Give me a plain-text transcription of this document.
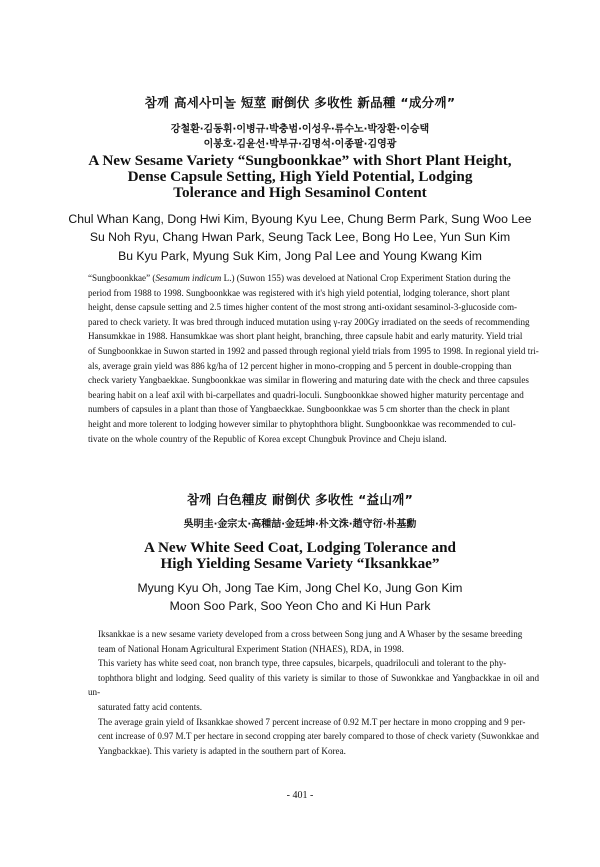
참깨 高세사미놀 短莖 耐倒伏 多收性 新品種 “成分깨”
강철환·김동휘·이병규·박충범·이성우·류수노·박장환·이승택
이봉호·김윤선·박부규·김명석·이종팔·김영광
A New Sesame Variety “Sungboonkkae” with Short Plant Height,
Dense Capsule Setting, High Yield Potential, Lodging
Tolerance and High Sesaminol Content
Chul Whan Kang, Dong Hwi Kim, Byoung Kyu Lee, Chung Berm Park, Sung Woo Lee
Su Noh Ryu, Chang Hwan Park, Seung Tack Lee, Bong Ho Lee, Yun Sun Kim
Bu Kyu Park, Myung Suk Kim, Jong Pal Lee and Young Kwang Kim

“Sungboonkkae” (Sesamum indicum L.) (Suwon 155) was develoed at National Crop Experiment Station during the
period from 1988 to 1998. Sungboonkkae was registered with it's high yield potential, lodging tolerance, short plant
height, dense capsule setting and 2.5 times higher content of the most strong anti-oxidant sesaminol-3-glucoside com-
pared to check variety. It was bred through induced mutation using γ-ray 200Gy irradiated on the seeds of recommending
Hansumkkae in 1988. Hansumkkae was short plant height, branching, three capsule habit and early maturity. Yield trial
of Sungboonkkae in Suwon started in 1992 and passed through regional yield trials from 1995 to 1998. In regional yield tri-
als, average grain yield was 886 kg/ha of 12 percent higher in mono-cropping and 5 percent in double-cropping than
check variety Yangbaekkae. Sungboonkkae was similar in flowering and maturing date with the check and three capsules
bearing habit on a leaf axil with bi-carpellates and quadri-loculi. Sungboonkkae showed higher maturity percentage and
numbers of capsules in a plant than those of Yangbaeckkae. Sungboonkkae was 5 cm shorter than the check in plant
height and more tolerent to lodging however similar to phytophthora blight. Sungboonkkae was recommended to cul-
tivate on the whole country of the Republic of Korea except Chungbuk Province and Cheju island.

참깨 白色種皮 耐倒伏 多收性 “益山깨”
吳明圭·金宗太·高種喆·金廷坤·朴文洙·趙守衍·朴基勳
A New White Seed Coat, Lodging Tolerance and
High Yielding Sesame Variety “Iksankkae”
Myung Kyu Oh, Jong Tae Kim, Jong Chel Ko, Jung Gon Kim
Moon Soo Park, Soo Yeon Cho and Ki Hun Park

Iksankkae is a new sesame variety developed from a cross between Song jung and A Whaser by the sesame breeding
team of National Honam Agricultural Experiment Station (NHAES), RDA, in 1998.

This variety has white seed coat, non branch type, three capsules, bicarpels, quadriloculi and tolerant to the phy-
tophthora blight and lodging. Seed quality of this variety is similar to those of Suwonkkae and Yangbackkae in oil and un-
saturated fatty acid contents.

The average grain yield of Iksankkae showed 7 percent increase of 0.92 M.T per hectare in mono cropping and 9 per-
cent increase of 0.97 M.T per hectare in second cropping ater barely compared to those of check variety (Suwonkkae and
Yangbackkae). This variety is adapted in the southern part of Korea.

- 401 -
